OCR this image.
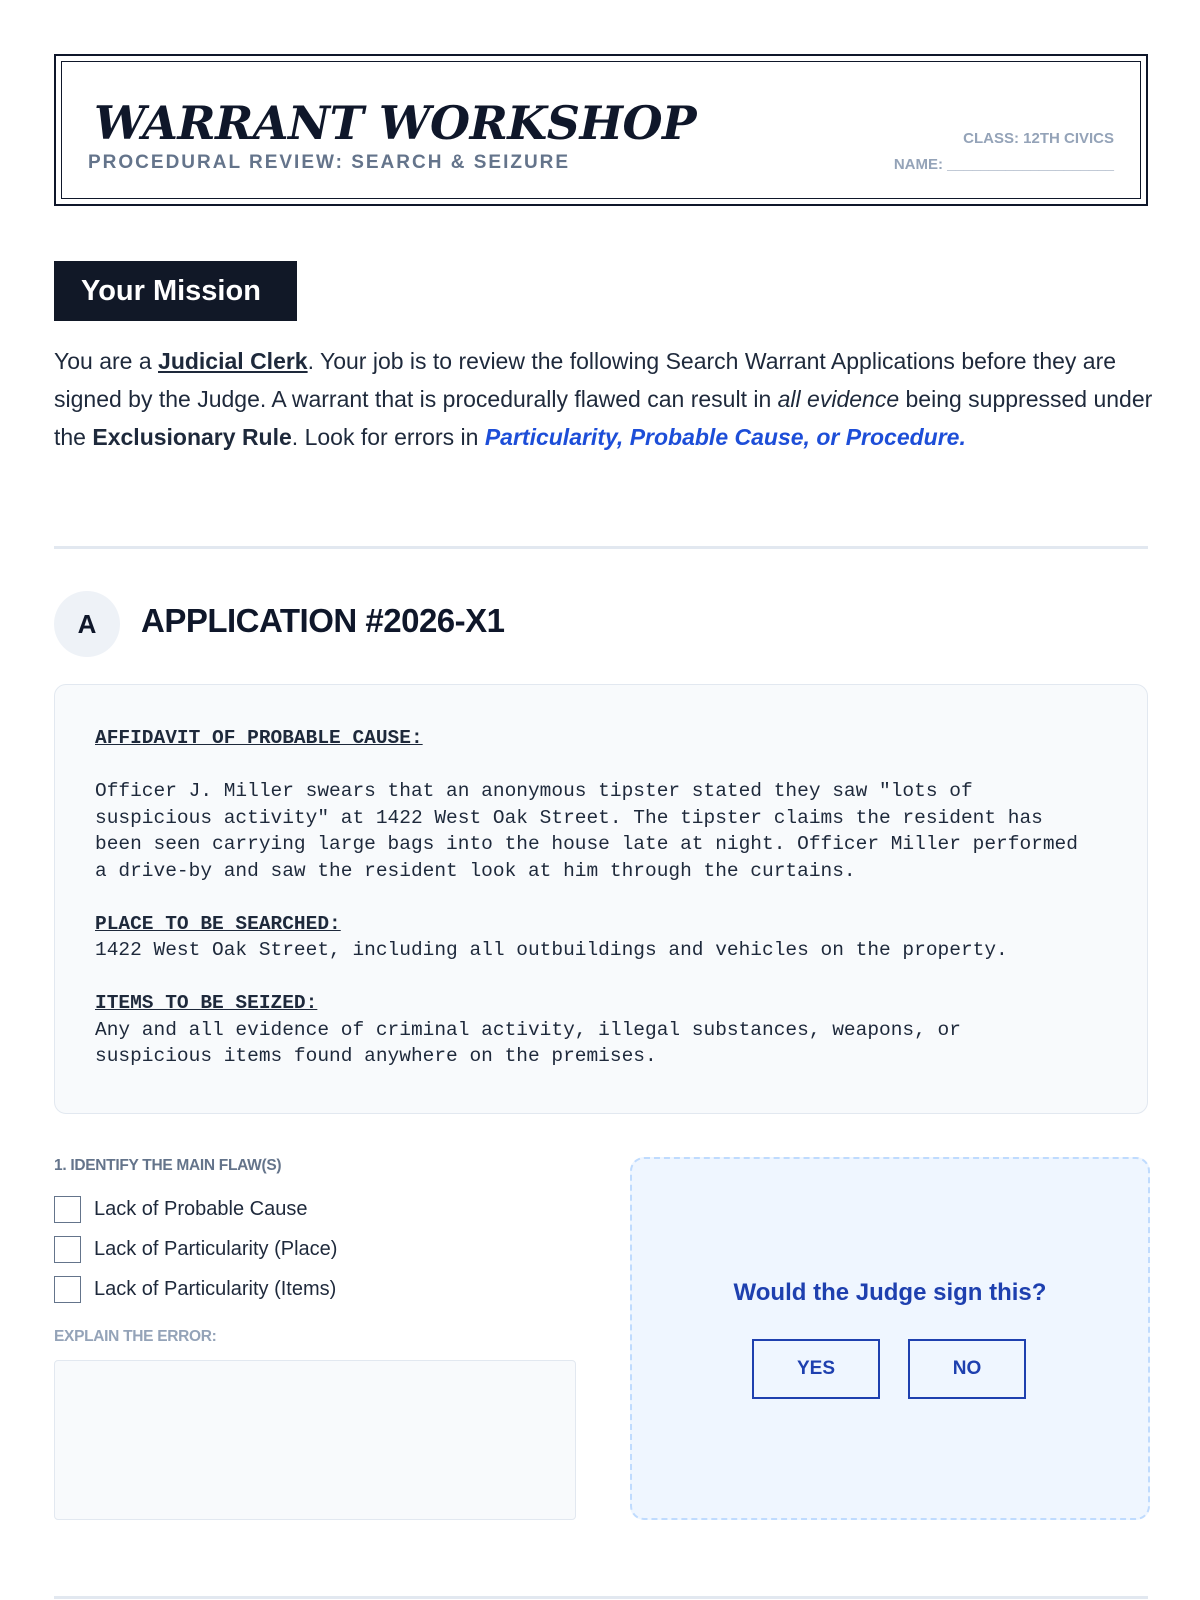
WARRANT WORKSHOP
PROCEDURAL REVIEW: SEARCH & SEIZURE
CLASS: 12TH CIVICS
NAME: ____________________
Your Mission

You are a Judicial Clerk. Your job is to review the following Search Warrant Applications before they are signed by the Judge. A warrant that is procedurally flawed can result in all evidence being suppressed under the Exclusionary Rule. Look for errors in Particularity, Probable Cause, or Procedure.

A	APPLICATION #2026-X1
AFFIDAVIT OF PROBABLE CAUSE:
Officer J. Miller swears that an anonymous tipster stated they saw "lots of
suspicious activity" at 1422 West Oak Street. The tipster claims the resident has
been seen carrying large bags into the house late at night. Officer Miller performed
a drive-by and saw the resident look at him through the curtains.
PLACE TO BE SEARCHED:
1422 West Oak Street, including all outbuildings and vehicles on the property.
ITEMS TO BE SEIZED:
Any and all evidence of criminal activity, illegal substances, weapons, or
suspicious items found anywhere on the premises.
1. IDENTIFY THE MAIN FLAW(S)
Lack of Probable Cause
Lack of Particularity (Place)
Lack of Particularity (Items)
EXPLAIN THE ERROR:
Would the Judge sign this?
YES	NO
